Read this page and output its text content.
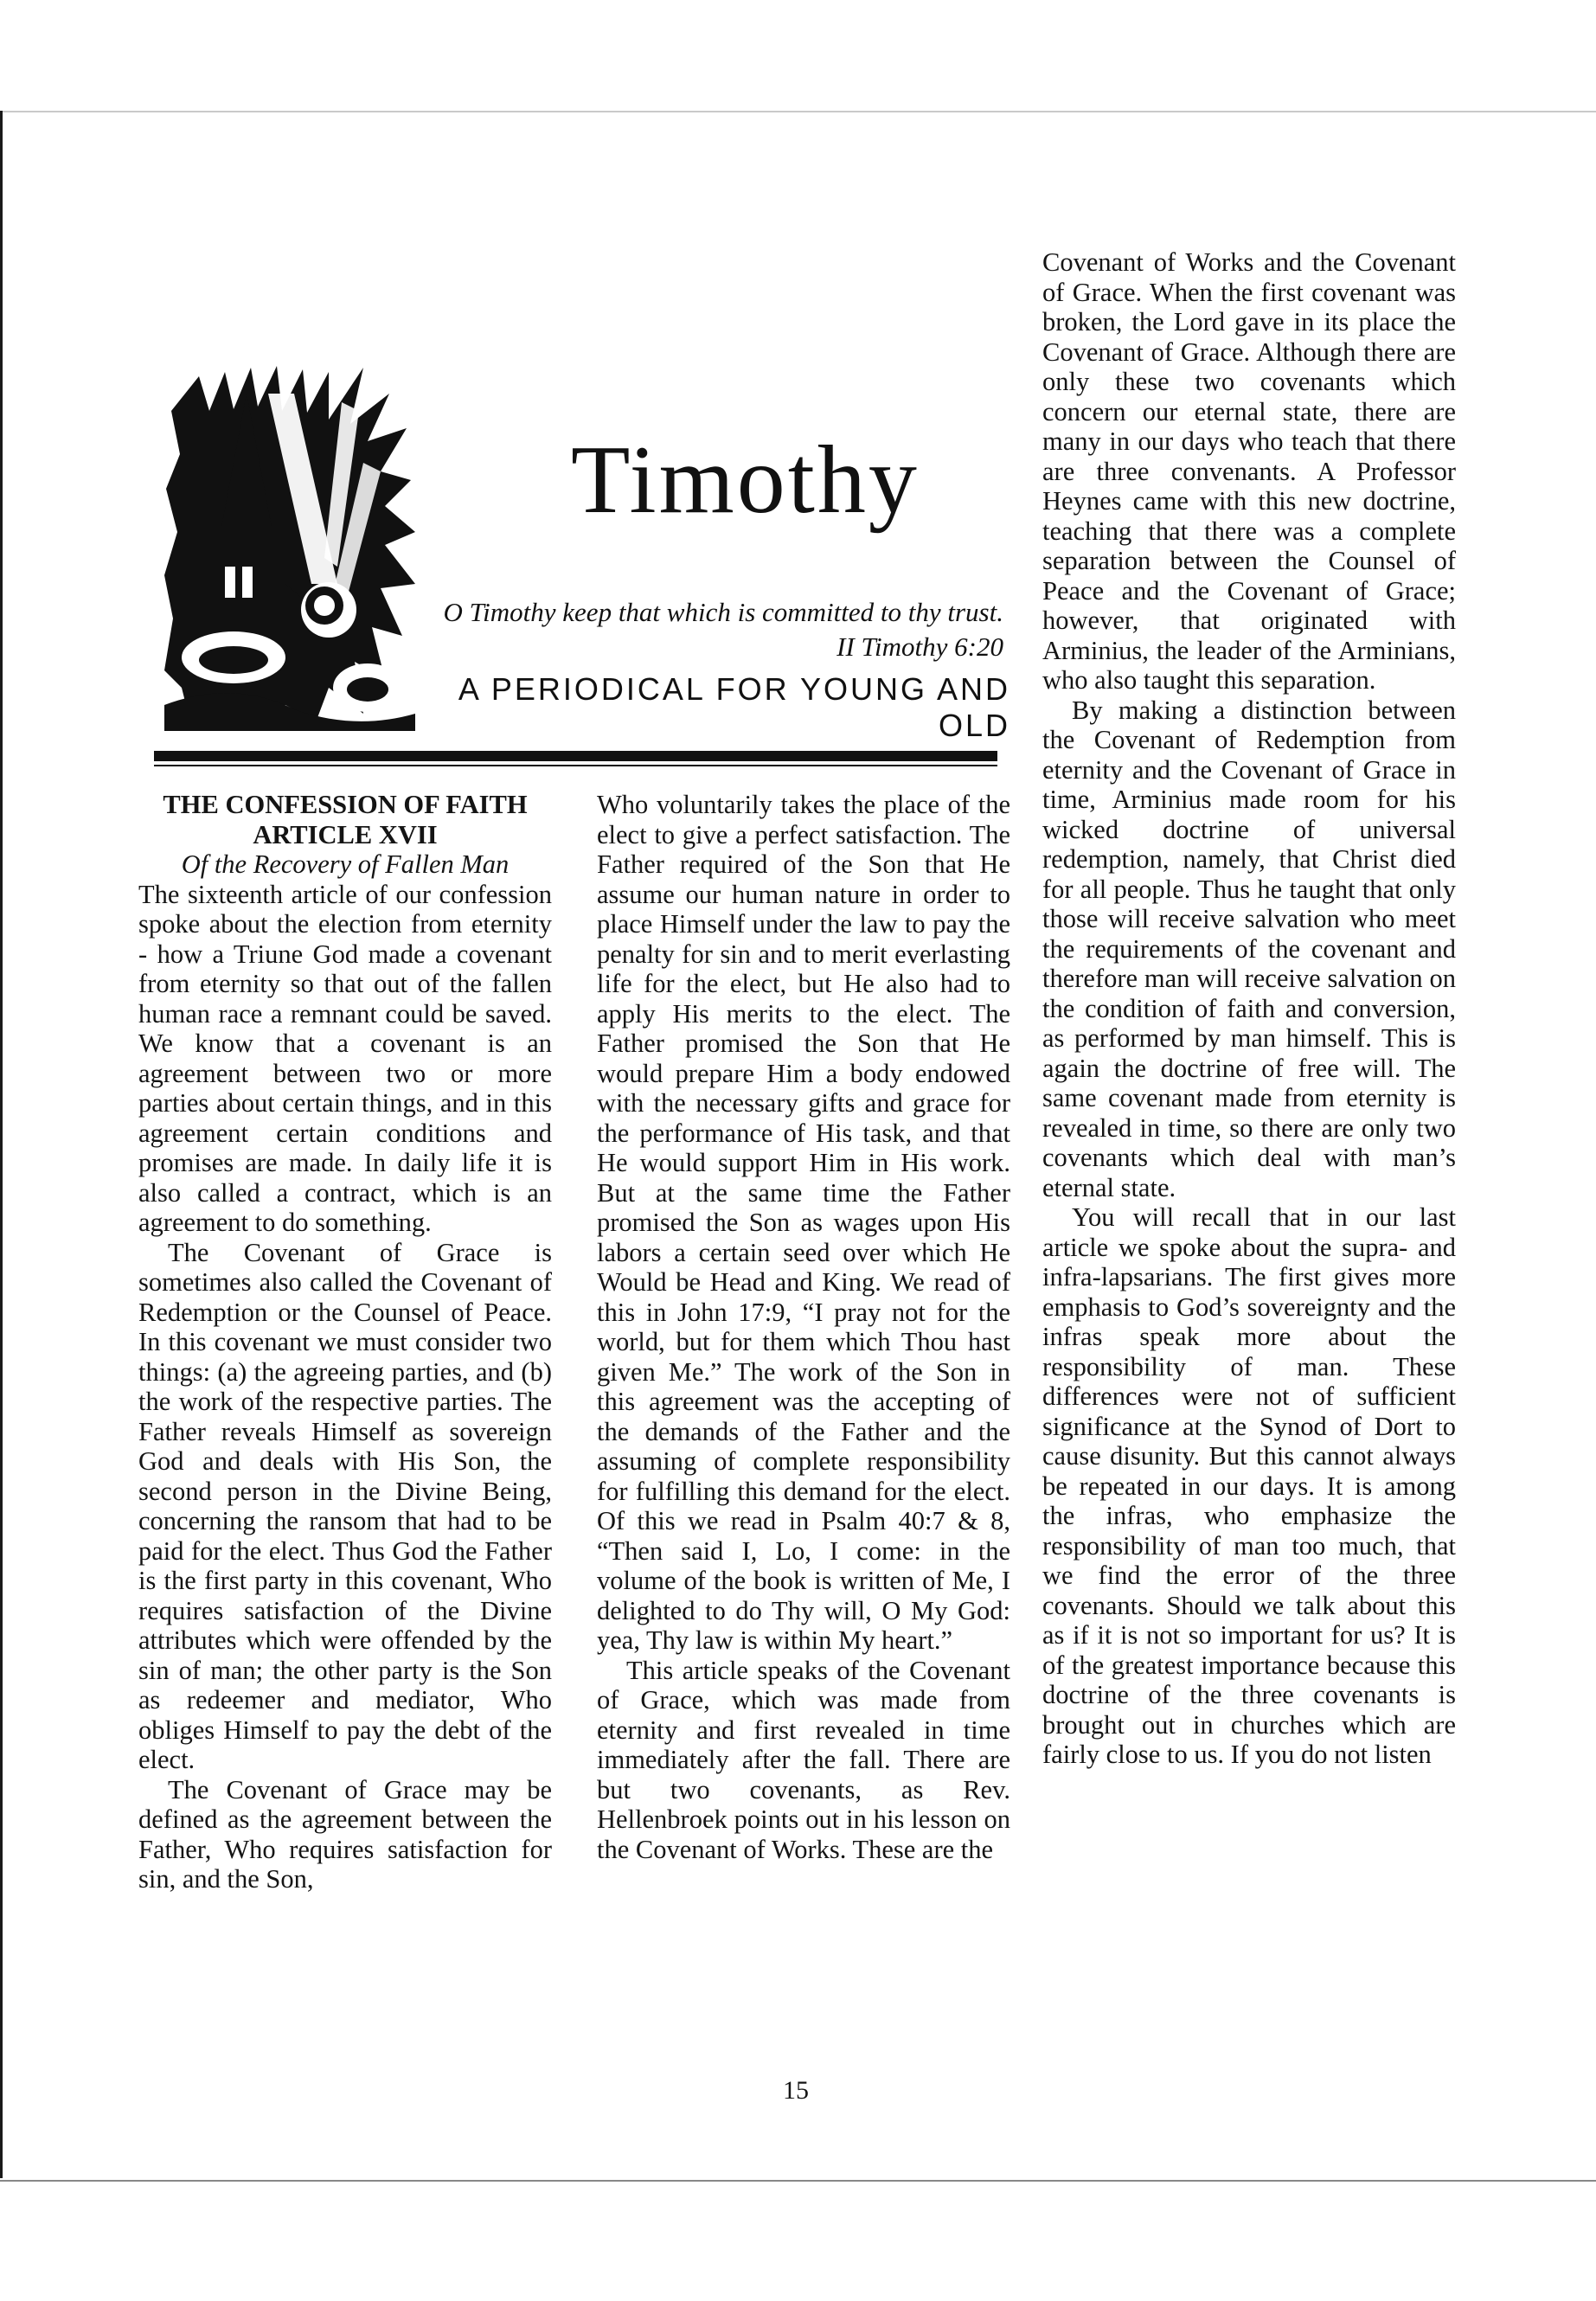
Timothy
O Timothy keep that which is committed to thy trust.
II Timothy 6:20
A PERIODICAL FOR YOUNG AND OLD
THE CONFESSION OF FAITH
ARTICLE XVII
Of the Recovery of Fallen Man

The sixteenth article of our confession spoke about the election from eternity - how a Triune God made a covenant from eternity so that out of the fallen human race a remnant could be saved. We know that a covenant is an agreement between two or more parties about certain things, and in this agreement certain conditions and promises are made. In daily life it is also called a contract, which is an agreement to do something.

The Covenant of Grace is sometimes also called the Covenant of Redemption or the Counsel of Peace. In this covenant we must consider two things: (a) the agreeing parties, and (b) the work of the respective parties. The Father reveals Himself as sovereign God and deals with His Son, the second person in the Divine Being, concerning the ransom that had to be paid for the elect. Thus God the Father is the first party in this covenant, Who requires satisfaction of the Divine attributes which were offended by the sin of man; the other party is the Son as redeemer and mediator, Who obliges Himself to pay the debt of the elect.

The Covenant of Grace may be defined as the agreement between the Father, Who requires satisfaction for sin, and the Son,

Who voluntarily takes the place of the elect to give a perfect satisfaction. The Father required of the Son that He assume our human nature in order to place Himself under the law to pay the penalty for sin and to merit everlasting life for the elect, but He also had to apply His merits to the elect. The Father promised the Son that He would prepare Him a body endowed with the necessary gifts and grace for the performance of His task, and that He would support Him in His work. But at the same time the Father promised the Son as wages upon His labors a certain seed over which He Would be Head and King. We read of this in John 17:9, “I pray not for the world, but for them which Thou hast given Me.” The work of the Son in this agreement was the accepting of the demands of the Father and the assuming of complete responsibility for fulfilling this demand for the elect. Of this we read in Psalm 40:7 & 8, “Then said I, Lo, I come: in the volume of the book is written of Me, I delighted to do Thy will, O My God: yea, Thy law is within My heart.”

This article speaks of the Covenant of Grace, which was made from eternity and first revealed in time immediately after the fall. There are but two covenants, as Rev. Hellenbroek points out in his lesson on the Covenant of Works. These are the

Covenant of Works and the Covenant of Grace. When the first covenant was broken, the Lord gave in its place the Covenant of Grace. Although there are only these two covenants which concern our eternal state, there are many in our days who teach that there are three convenants. A Professor Heynes came with this new doctrine, teaching that there was a complete separation between the Counsel of Peace and the Covenant of Grace; however, that originated with Arminius, the leader of the Arminians, who also taught this separation.

By making a distinction between the Covenant of Redemption from eternity and the Covenant of Grace in time, Arminius made room for his wicked doctrine of universal redemption, namely, that Christ died for all people. Thus he taught that only those will receive salvation who meet the requirements of the covenant and therefore man will receive salvation on the condition of faith and conversion, as performed by man himself. This is again the doctrine of free will. The same covenant made from eternity is revealed in time, so there are only two covenants which deal with man’s eternal state.

You will recall that in our last article we spoke about the supra- and infra-lapsarians. The first gives more emphasis to God’s sovereignty and the infras speak more about the responsibility of man. These differences were not of sufficient significance at the Synod of Dort to cause disunity. But this cannot always be repeated in our days. It is among the infras, who emphasize the responsibility of man too much, that we find the error of the three covenants. Should we talk about this as if it is not so important for us? It is of the greatest importance because this doctrine of the three covenants is brought out in churches which are fairly close to us. If you do not listen

15
